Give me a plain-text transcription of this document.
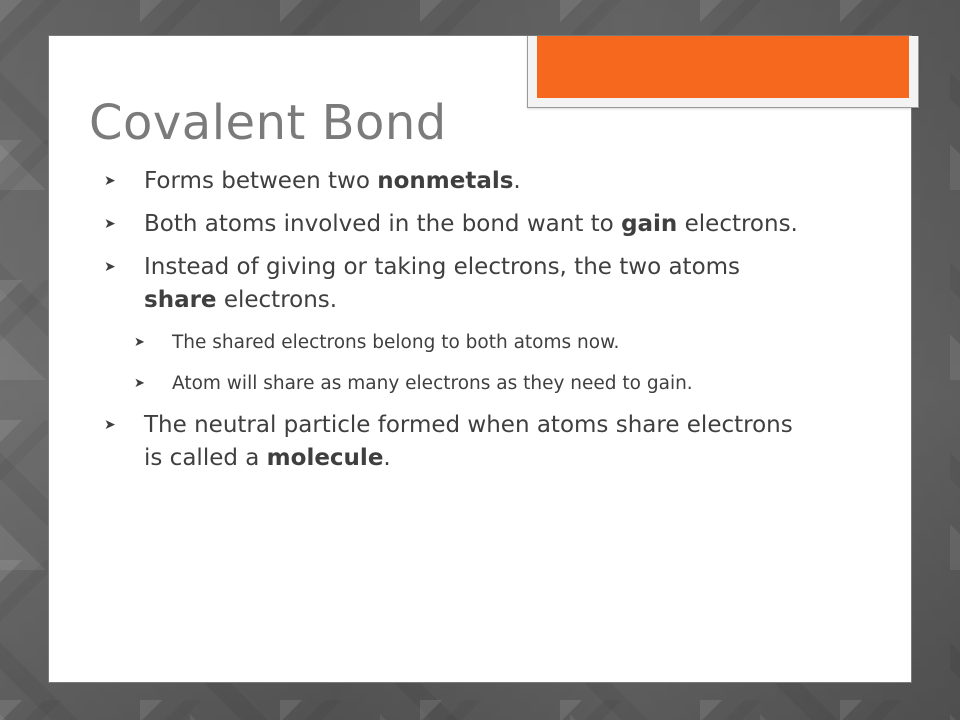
Covalent Bond
➤ Forms between two nonmetals.
➤ Both atoms involved in the bond want to gain electrons.
➤ Instead of giving or taking electrons, the two atoms share electrons.
➤ The shared electrons belong to both atoms now.
➤ Atom will share as many electrons as they need to gain.
➤ The neutral particle formed when atoms share electrons is called a molecule.
